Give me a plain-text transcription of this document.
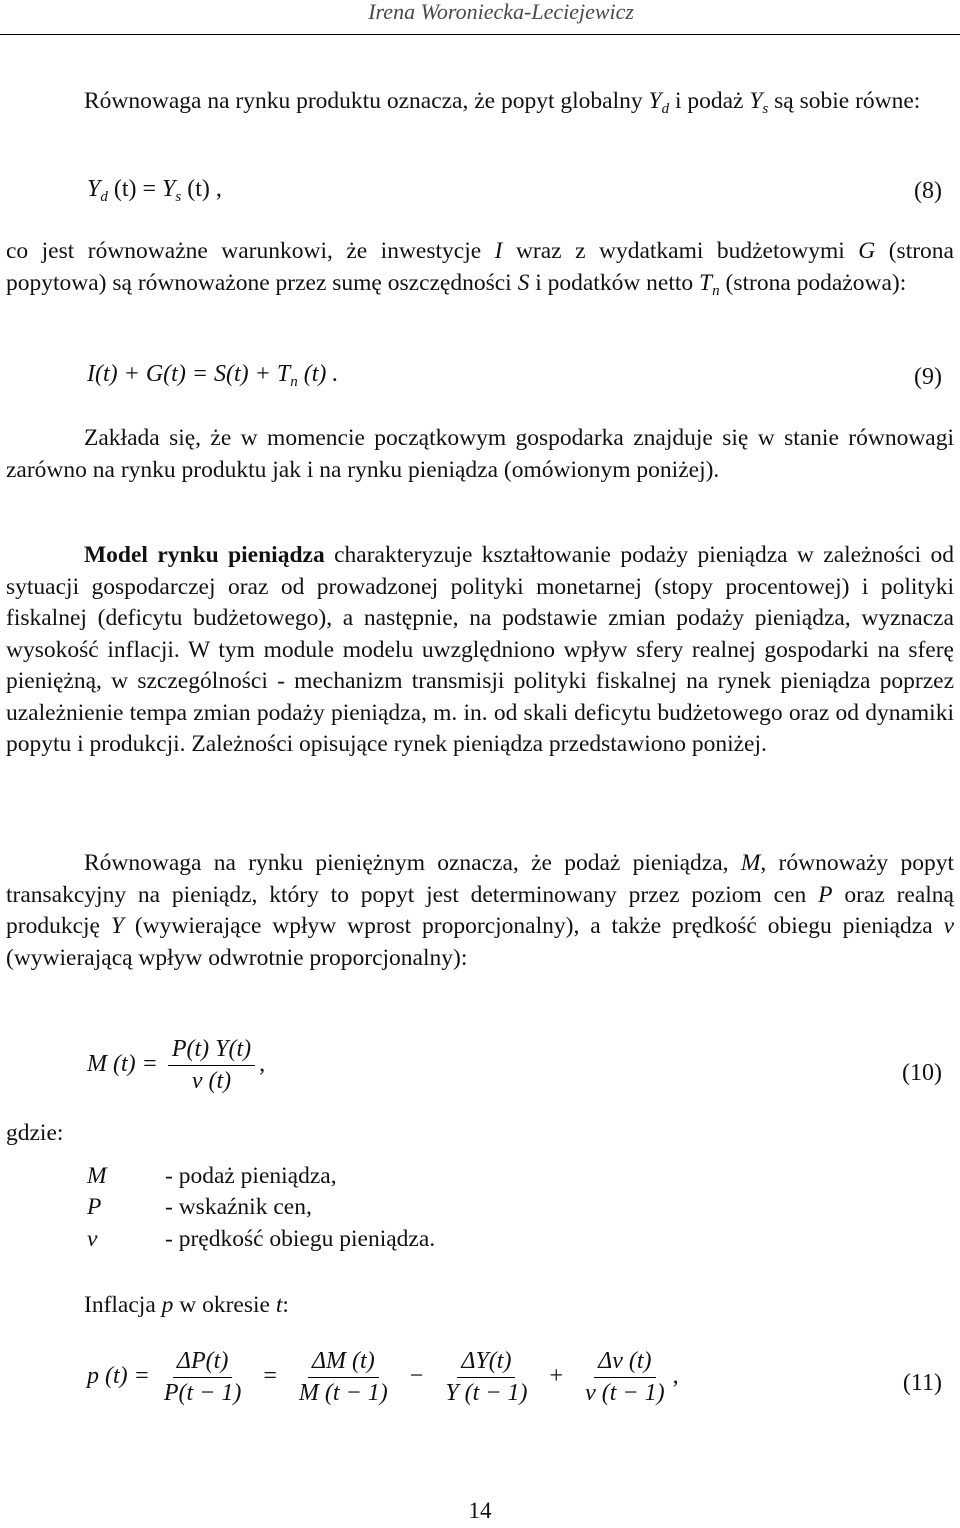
Irena Woroniecka-Leciejewicz

Równowaga na rynku produktu oznacza, że popyt globalny $Y_d$ i podaż $Y_s$ są sobie równe:

$Y_d$ $(t) = Y_s$ (t) ,	(8)

co jest równoważne warunkowi, że inwestycje I wraz z wydatkami budżetowymi G (strona popytowa) są równoważone przez sumę oszczędności S i podatków netto $T_n$ (strona podażowa):

$I(t) + G(t) = S(t) + T_n$ (t) .	(9)

Zakłada się, że w momencie początkowym gospodarka znajduje się w stanie równowagi zarówno na rynku produktu jak i na rynku pieniądza (omówionym poniżej).

Model rynku pieniądza charakteryzuje kształtowanie podaży pieniądza w zależności od sytuacji gospodarczej oraz od prowadzonej polityki monetarnej (stopy procentowej) i polityki fiskalnej (deficytu budżetowego), a następnie, na podstawie zmian podaży pieniądza, wyznacza wysokość inflacji. W tym module modelu uwzględniono wpływ sfery realnej gospodarki na sferę pieniężną, w szczególności - mechanizm transmisji polityki fiskalnej na rynek pieniądza poprzez uzależnienie tempa zmian podaży pieniądza, m. in. od skali deficytu budżetowego oraz od dynamiki popytu i produkcji. Zależności opisujące rynek pieniądza przedstawiono poniżej.

Równowaga na rynku pieniężnym oznacza, że podaż pieniądza, M, równoważy popyt transakcyjny na pieniądz, który to popyt jest determinowany przez poziom cen P oraz realną produkcję Y (wywierające wpływ wprost proporcjonalny), a także prędkość obiegu pieniądza v (wywierającą wpływ odwrotnie proporcjonalny):

M $(t) = \frac{P(t) Y(t)}{v (t)}$ ,	(10)
gdzie:
M - podaż pieniądza,
P	- wskaźnik cen,
v	- prędkość obiegu pieniądza.
Inflacja p w okresie t:
p $(t) = \frac{\Delta P(t)}{P(t - 1)} = \frac{\Delta M (t)}{M (t - 1)} - \frac{\Delta Y(t)}{Y (t - 1)} + \frac{\Delta v (t)}{v (t - 1)}$ ,	(11)
14
